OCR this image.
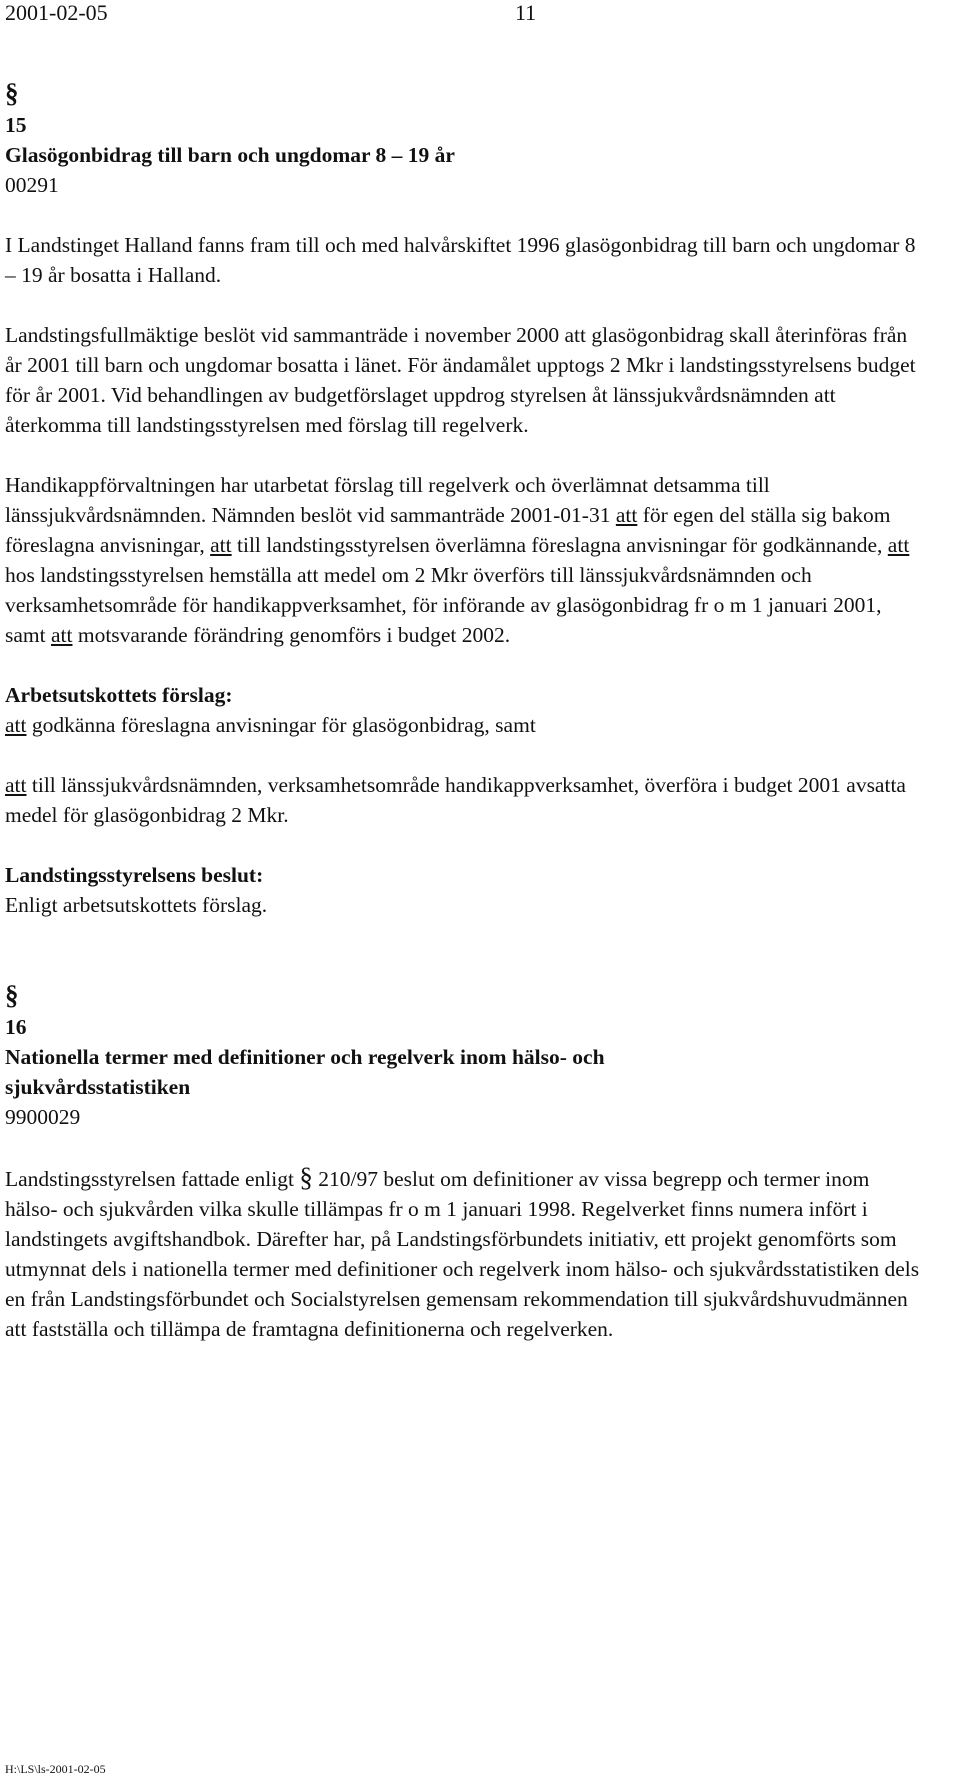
2001-02-05	11
§
15
Glasögonbidrag till barn och ungdomar 8 – 19 år
00291

I Landstinget Halland fanns fram till och med halvårskiftet 1996 glasögonbidrag till barn och ungdomar 8 – 19 år bosatta i Halland.

Landstingsfullmäktige beslöt vid sammanträde i november 2000 att glasögonbidrag skall återinföras från år 2001 till barn och ungdomar bosatta i länet. För ändamålet upptogs 2 Mkr i landstingsstyrelsens budget för år 2001. Vid behandlingen av budgetförslaget uppdrog styrelsen åt länssjukvårdsnämnden att återkomma till landstingsstyrelsen med förslag till regelverk.

Handikappförvaltningen har utarbetat förslag till regelverk och överlämnat detsamma till länssjukvårdsnämnden. Nämnden beslöt vid sammanträde 2001-01-31 att för egen del ställa sig bakom föreslagna anvisningar, att till landstingsstyrelsen överlämna föreslagna anvisningar för godkännande, att hos landstingsstyrelsen hemställa att medel om 2 Mkr överförs till länssjukvårdsnämnden och verksamhetsområde för handikappverksamhet, för införande av glasögonbidrag fr o m 1 januari 2001, samt att motsvarande förändring genomförs i budget 2002.

Arbetsutskottets förslag:

att godkänna föreslagna anvisningar för glasögonbidrag, samt

att till länssjukvårdsnämnden, verksamhetsområde handikappverksamhet, överföra i budget 2001 avsatta medel för glasögonbidrag 2 Mkr.

Landstingsstyrelsens beslut:
Enligt arbetsutskottets förslag.
§
16
Nationella termer med definitioner och regelverk inom hälso- och
sjukvårdsstatistiken
9900029

Landstingsstyrelsen fattade enligt § 210/97 beslut om definitioner av vissa begrepp och termer inom hälso- och sjukvården vilka skulle tillämpas fr o m 1 januari 1998. Regelverket finns numera infört i landstingets avgiftshandbok. Därefter har, på Landstingsförbundets initiativ, ett projekt genomförts som utmynnat dels i nationella termer med definitioner och regelverk inom hälso- och sjukvårdsstatistiken dels en från Landstingsförbundet och Socialstyrelsen gemensam rekommendation till sjukvårdshuvudmännen att fastställa och tillämpa de framtagna definitionerna och regelverken.

H:\LS\ls-2001-02-05
